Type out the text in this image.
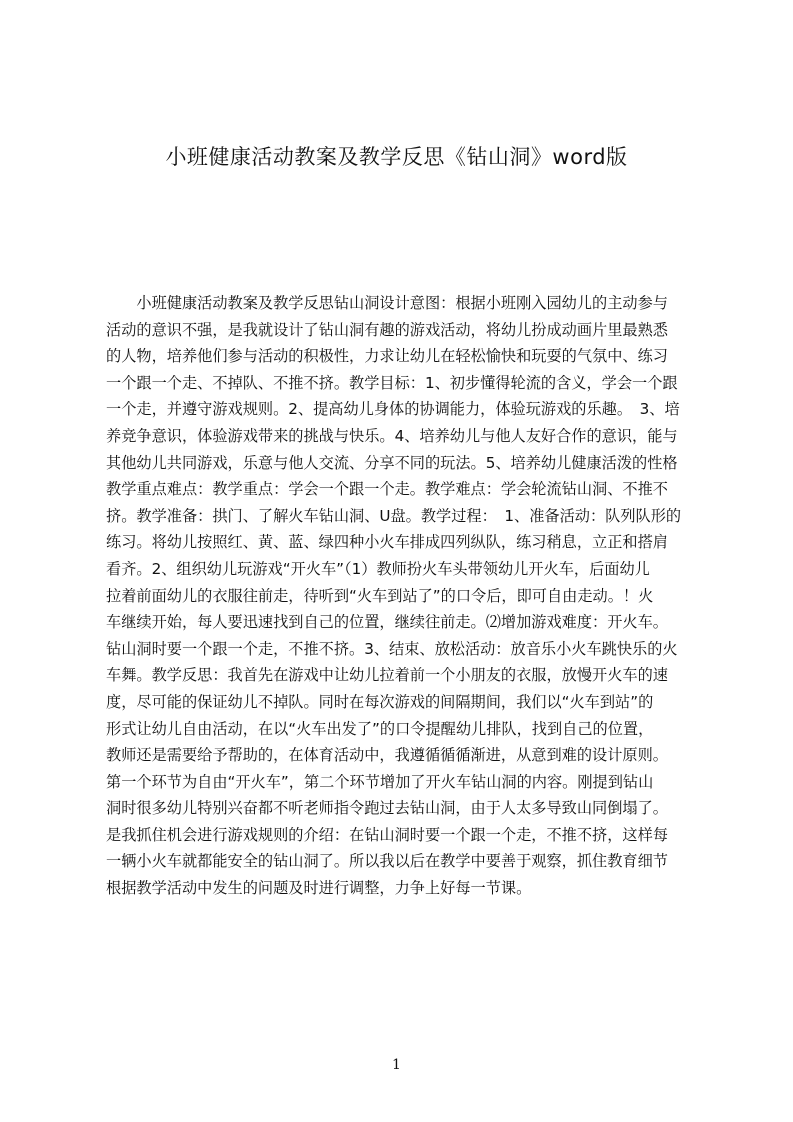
小班健康活动教案及教学反思《钻山洞》word版
　　小班健康活动教案及教学反思钻山洞设计意图：根据小班刚入园幼儿的主动参与
活动的意识不强，是我就设计了钻山洞有趣的游戏活动，将幼儿扮成动画片里最熟悉
的人物，培养他们参与活动的积极性，力求让幼儿在轻松愉快和玩耍的气氛中、练习
一个跟一个走、不掉队、不推不挤。教学目标：1、初步懂得轮流的含义，学会一个跟
一个走，并遵守游戏规则。2、提高幼儿身体的协调能力，体验玩游戏的乐趣。　3、培
养竞争意识，体验游戏带来的挑战与快乐。4、培养幼儿与他人友好合作的意识，能与
其他幼儿共同游戏，乐意与他人交流、分享不同的玩法。5、培养幼儿健康活泼的性格
教学重点难点：教学重点：学会一个跟一个走。教学难点：学会轮流钻山洞、不推不
挤。教学准备：拱门、了解火车钻山洞、U盘。教学过程：　1、准备活动：队列队形的
练习。将幼儿按照红、黄、蓝、绿四种小火车排成四列纵队，练习稍息，立正和搭肩
看齐。2、组织幼儿玩游戏“开火车”（1）教师扮火车头带领幼儿开火车，后面幼儿
拉着前面幼儿的衣服往前走，待听到“火车到站了”的口令后，即可自由走动。！火
车继续开始，每人要迅速找到自己的位置，继续往前走。⑵增加游戏难度：开火车。
钻山洞时要一个跟一个走，不推不挤。3、结束、放松活动：放音乐小火车跳快乐的火
车舞。教学反思：我首先在游戏中让幼儿拉着前一个小朋友的衣服，放慢开火车的速
度，尽可能的保证幼儿不掉队。同时在每次游戏的间隔期间，我们以“火车到站”的
形式让幼儿自由活动，在以“火车出发了”的口令提醒幼儿排队，找到自己的位置，
教师还是需要给予帮助的，在体育活动中，我遵循循循渐进，从意到难的设计原则。
第一个环节为自由“开火车”，第二个环节增加了开火车钻山洞的内容。刚提到钻山
洞时很多幼儿特别兴奋都不听老师指令跑过去钻山洞，由于人太多导致山同倒塌了。
是我抓住机会进行游戏规则的介绍：在钻山洞时要一个跟一个走，不推不挤，这样每
一辆小火车就都能安全的钻山洞了。所以我以后在教学中要善于观察，抓住教育细节
根据教学活动中发生的问题及时进行调整，力争上好每一节课。
1
